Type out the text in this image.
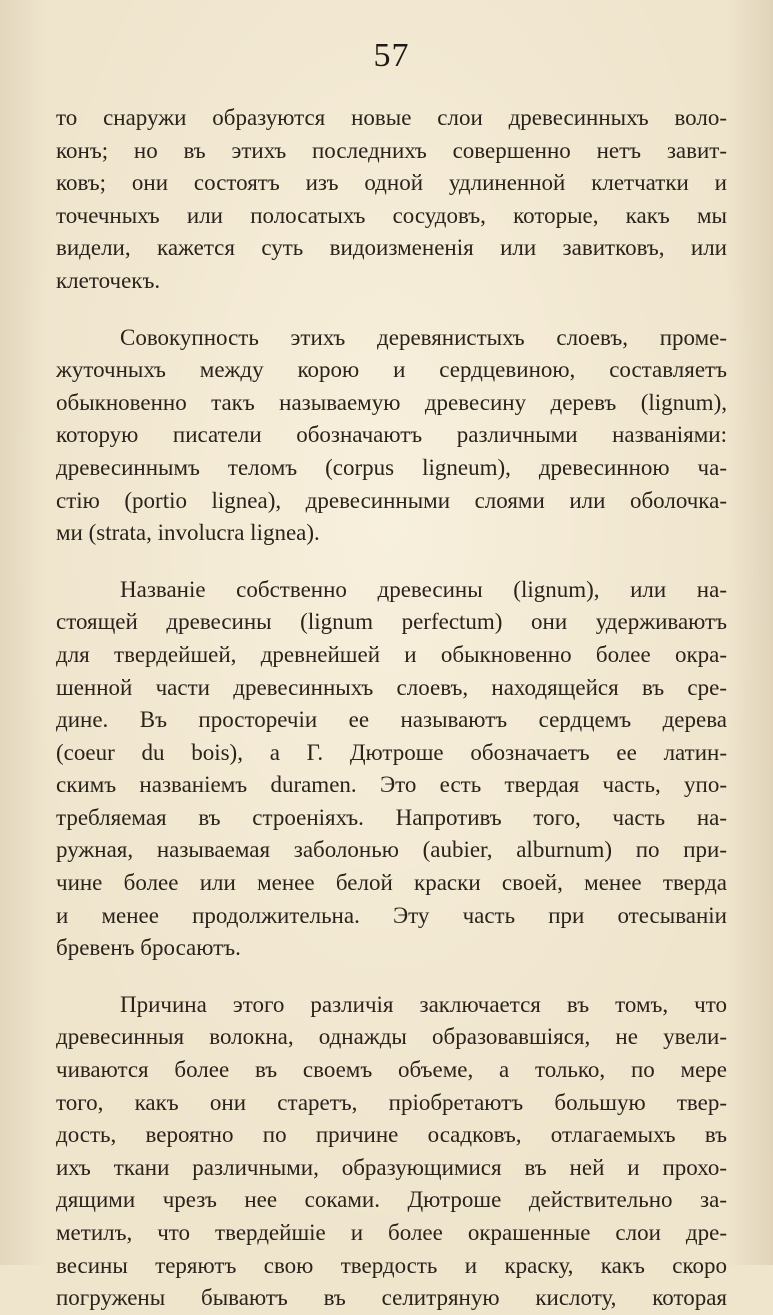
57
то снаружи образуются новые слои древесинныхъ воло-
конъ; но въ этихъ последнихъ совершенно нетъ завит-
ковъ; они состоятъ изъ одной удлиненной клетчатки и
точечныхъ или полосатыхъ сосудовъ, которые, какъ мы
видели, кажется суть видоизмененія или завитковъ, или
клеточекъ.
Совокупность этихъ деревянистыхъ слоевъ, проме-
жуточныхъ между корою и сердцевиною, составляетъ
обыкновенно такъ называемую древесину деревъ (lignum),
которую писатели обозначаютъ различными названіями:
древесиннымъ теломъ (corpus ligneum), древесинною ча-
стію (portio lignea), древесинными слоями или оболочка-
ми (strata, involucra lignea).
Названіе собственно древесины (lignum), или на-
стоящей древесины (lignum perfectum) они удерживаютъ
для твердейшей, древнейшей и обыкновенно более окра-
шенной части древесинныхъ слоевъ, находящейся въ сре-
дине. Въ просторечіи ее называютъ сердцемъ дерева
(coeur du bois), а Г. Дютроше обозначаетъ ее латин-
скимъ названіемъ duramen. Это есть твердая часть, упо-
требляемая въ строеніяхъ. Напротивъ того, часть на-
ружная, называемая заболонью (aubier, alburnum) по при-
чине более или менее белой краски своей, менее тверда
и менее продолжительна. Эту часть при отесываніи
бревенъ бросаютъ.
Причина этого различія заключается въ томъ, что
древесинныя волокна, однажды образовавшіяся, не увели-
чиваются более въ своемъ объеме, а только, по мере
того, какъ они старетъ, пріобретаютъ большую твер-
дость, вероятно по причине осадковъ, отлагаемыхъ въ
ихъ ткани различными, образующимися въ ней и прохо-
дящими чрезъ нее соками. Дютроше действительно за-
метилъ, что твердейшіе и более окрашенные слои дре-
весины теряютъ свою твердость и краску, какъ скоро
погружены бываютъ въ селитряную кислоту, которая
